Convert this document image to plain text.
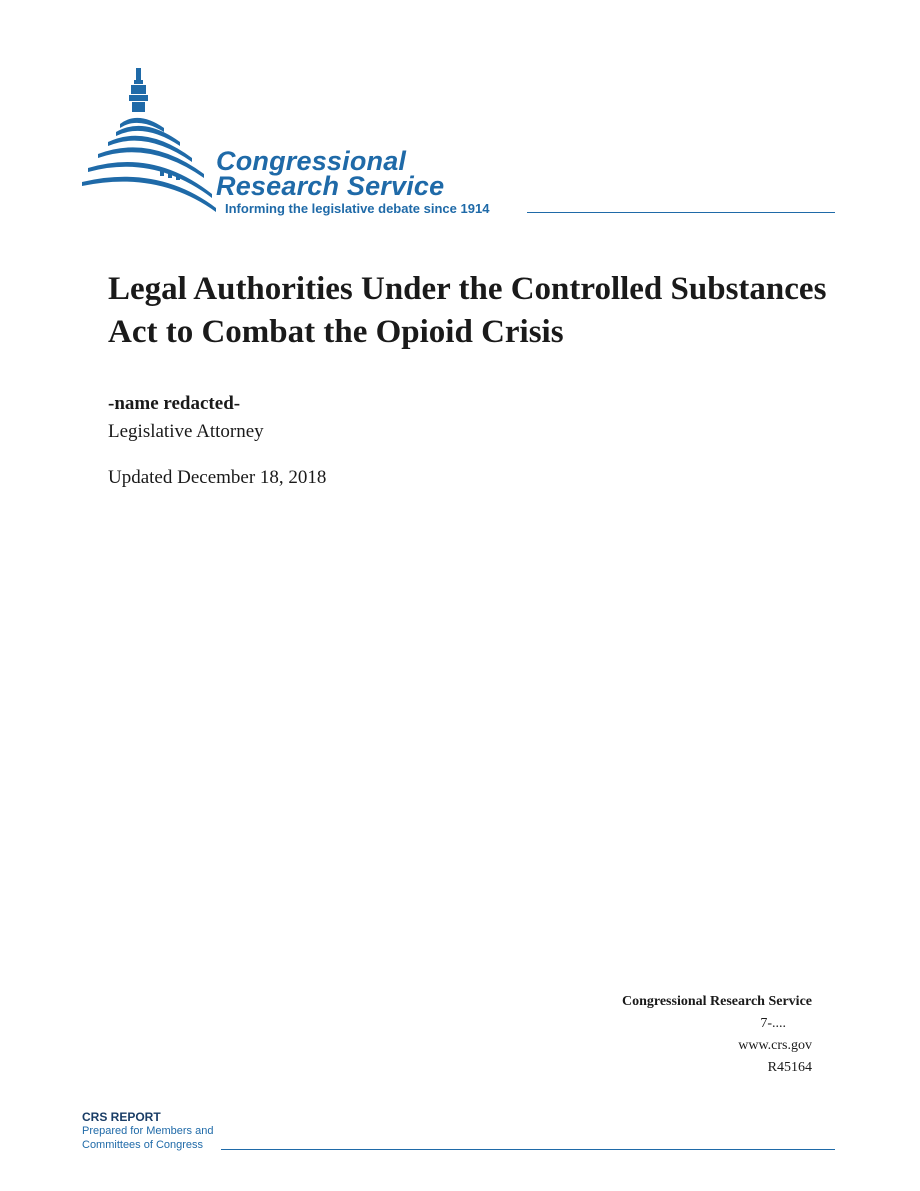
Congressional
Research Service
Informing the legislative debate since 1914
Legal Authorities Under the Controlled Substances Act to Combat the Opioid Crisis
-name redacted-
Legislative Attorney
Updated December 18, 2018
Congressional Research Service
7-....
www.crs.gov
R45164
CRS REPORT
Prepared for Members and
Committees of Congress
